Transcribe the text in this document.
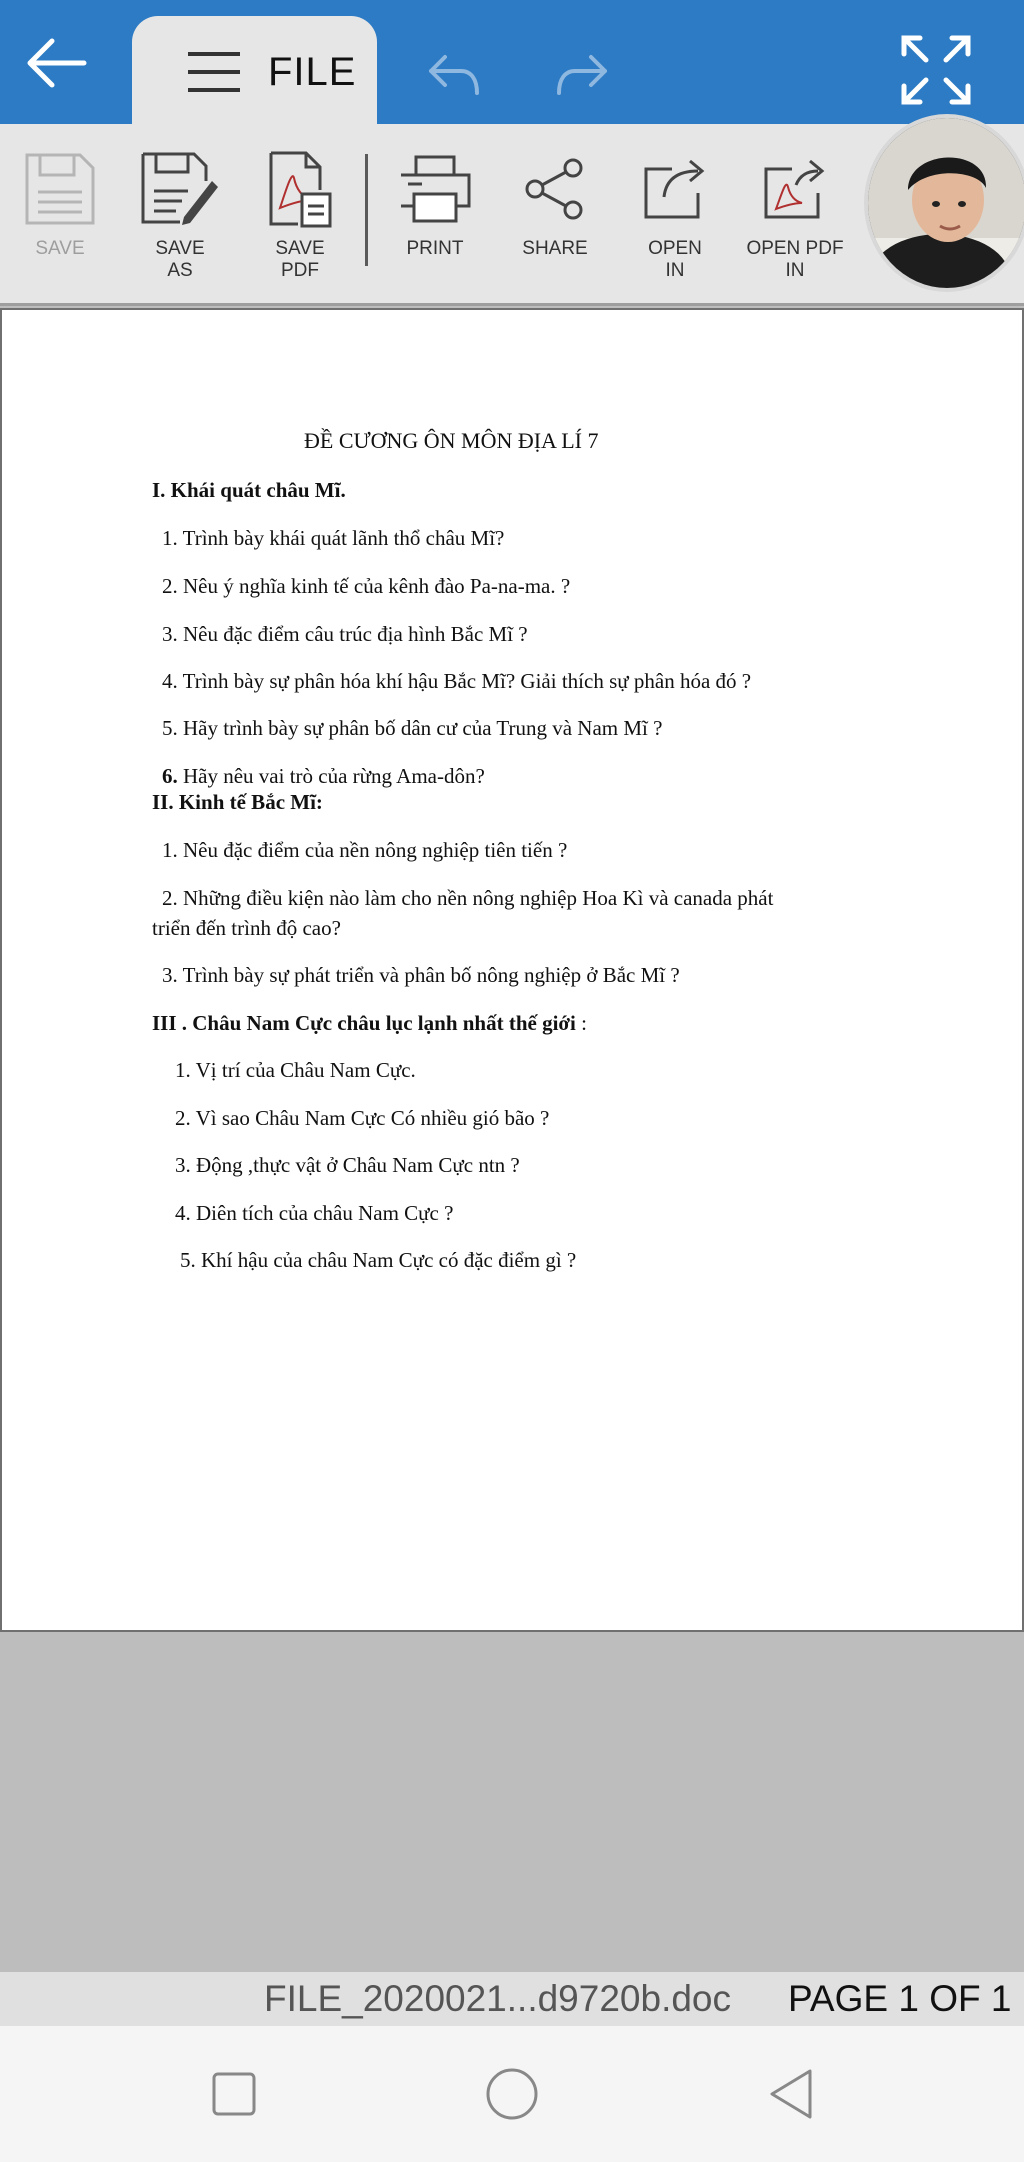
FILE
SAVE	SAVE
AS
SAVE
PDF
PRINT	SHARE	OPEN
IN
OPEN PDF
IN
ĐỀ CƯƠNG ÔN MÔN ĐỊA LÍ 7
I. Khái quát châu Mĩ.
1. Trình bày khái quát lãnh thổ châu Mĩ?
2. Nêu ý nghĩa kinh tế của kênh đào Pa-na-ma. ?
3. Nêu đặc điểm câu trúc địa hình Bắc Mĩ ?
4. Trình bày sự phân hóa khí hậu Bắc Mĩ? Giải thích sự phân hóa đó ?
5. Hãy trình bày sự phân bố dân cư của Trung và Nam Mĩ ?
6. Hãy nêu vai trò của rừng Ama-dôn?
II. Kinh tế Bắc Mĩ:
1. Nêu đặc điểm của nền nông nghiệp tiên tiến ?
2. Những điều kiện nào làm cho nền nông nghiệp Hoa Kì và canada phát
triển đến trình độ cao?
3. Trình bày sự phát triển và phân bố nông nghiệp ở Bắc Mĩ ?
III . Châu Nam Cực châu lục lạnh nhất thế giới :
1. Vị trí của Châu Nam Cực.
2. Vì sao Châu Nam Cực Có nhiều gió bão ?
3. Động ,thực vật ở Châu Nam Cực ntn ?
4. Diên tích của châu Nam Cực ?
5. Khí hậu của châu Nam Cực có đặc điểm gì ?
FILE_2020021...d9720b.doc PAGE 1 OF 1
